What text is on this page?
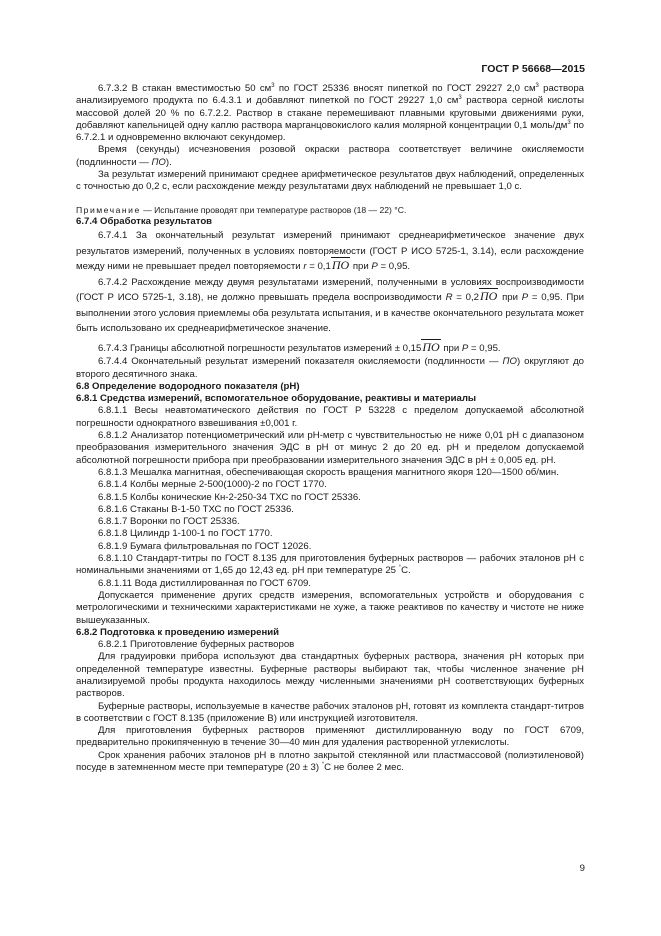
ГОСТ Р 56668—2015

6.7.3.2 В стакан вместимостью 50 $см^3$ по ГОСТ 25336 вносят пипеткой по ГОСТ 29227 2,0 $см^3$ раствора анализируемого продукта по 6.4.3.1 и добавляют пипеткой по ГОСТ 29227 1,0 $см^3$ раствора серной кислоты массовой долей 20 % по 6.7.2.2. Раствор в стакане перемешивают плавными круговыми движениями руки, добавляют капельницей одну каплю раствора марганцовокислого калия молярной концентрации 0,1 моль/$дм^3$ по 6.7.2.1 и одновременно включают секундомер.

Время (секунды) исчезновения розовой окраски раствора соответствует величине окисляемости (подлинности — ПО).

За результат измерений принимают среднее арифметическое результатов двух наблюдений, определенных с точностью до 0,2 с, если расхождение между результатами двух наблюдений не превышает 1,0 с.

Примечание — Испытание проводят при температуре растворов (18 — 22) °С.

6.7.4 Обработка результатов

6.7.4.1 За окончательный результат измерений принимают среднеарифметическое значение двух результатов измерений, полученных в условиях повторяемости (ГОСТ Р ИСО 5725-1, 3.14), если расхождение между ними не превышает предел повторяемости r = 0,1ПО при Р = 0,95.

6.7.4.2 Расхождение между двумя результатами измерений, полученными в условиях воспроизводимости (ГОСТ Р ИСО 5725-1, 3.18), не должно превышать предела воспроизводимости R = 0,2ПО при Р = 0,95. При выполнении этого условия приемлемы оба результата испытания, и в качестве окончательного результата может быть использовано их среднеарифметическое значение.

6.7.4.3 Границы абсолютной погрешности результатов измерений ± 0,15ПО при Р = 0,95.

6.7.4.4 Окончательный результат измерений показателя окисляемости (подлинности — ПО) округляют до второго десятичного знака.

6.8 Определение водородного показателя (рН)

6.8.1 Средства измерений, вспомогательное оборудование, реактивы и материалы

6.8.1.1 Весы неавтоматического действия по ГОСТ Р 53228 с пределом допускаемой абсолютной погрешности однократного взвешивания ±0,001 г.

6.8.1.2 Анализатор потенциометрический или рН-метр с чувствительностью не ниже 0,01 рН с диапазоном преобразования измерительного значения ЭДС в рН от минус 2 до 20 ед. рН и пределом допускаемой абсолютной погрешности прибора при преобразовании измерительного значения ЭДС в рН ± 0,005 ед. рН.

6.8.1.3 Мешалка магнитная, обеспечивающая скорость вращения магнитного якоря 120—1500 об/мин.

6.8.1.4 Колбы мерные 2-500(1000)-2 по ГОСТ 1770.

6.8.1.5 Колбы конические Кн-2-250-34 ТХС по ГОСТ 25336.

6.8.1.6 Стаканы В-1-50 ТХС по ГОСТ 25336.

6.8.1.7 Воронки по ГОСТ 25336.

6.8.1.8 Цилиндр 1-100-1 по ГОСТ 1770.

6.8.1.9 Бумага фильтровальная по ГОСТ 12026.

6.8.1.10 Стандарт-титры по ГОСТ 8.135 для приготовления буферных растворов — рабочих эталонов рН с номинальными значениями от 1,65 до 12,43 ед. рН при температуре 25 °С.

6.8.1.11 Вода дистиллированная по ГОСТ 6709.

Допускается применение других средств измерения, вспомогательных устройств и оборудования с метрологическими и техническими характеристиками не хуже, а также реактивов по качеству и чистоте не ниже вышеуказанных.

6.8.2 Подготовка к проведению измерений

6.8.2.1 Приготовление буферных растворов

Для градуировки прибора используют два стандартных буферных раствора, значения рН которых при определенной температуре известны. Буферные растворы выбирают так, чтобы численное значение рН анализируемой пробы продукта находилось между численными значениями рН соответствующих буферных растворов.

Буферные растворы, используемые в качестве рабочих эталонов рН, готовят из комплекта стандарт-титров в соответствии с ГОСТ 8.135 (приложение В) или инструкцией изготовителя.

Для приготовления буферных растворов применяют дистиллированную воду по ГОСТ 6709, предварительно прокипяченную в течение 30—40 мин для удаления растворенной углекислоты.

Срок хранения рабочих эталонов рН в плотно закрытой стеклянной или пластмассовой (полиэтиленовой) посуде в затемненном месте при температуре (20 ± 3) °С не более 2 мес.

9
